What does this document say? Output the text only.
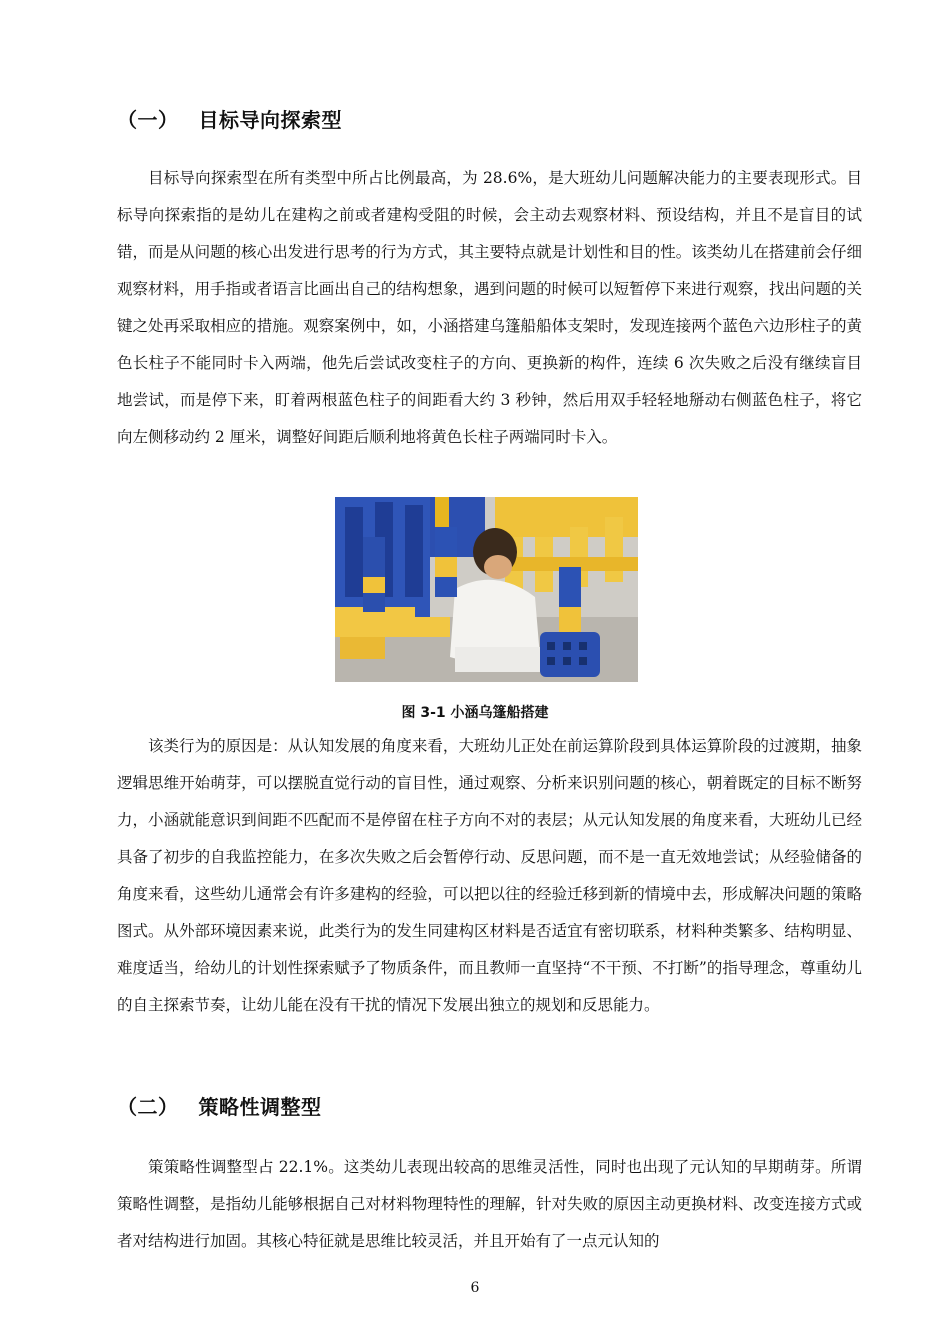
（一） 目标导向探索型

目标导向探索型在所有类型中所占比例最高，为 28.6%，是大班幼儿问题解决能力的主要表现形式。目标导向探索指的是幼儿在建构之前或者建构受阻的时候，会主动去观察材料、预设结构，并且不是盲目的试错，而是从问题的核心出发进行思考的行为方式，其主要特点就是计划性和目的性。该类幼儿在搭建前会仔细观察材料，用手指或者语言比画出自己的结构想象，遇到问题的时候可以短暂停下来进行观察，找出问题的关键之处再采取相应的措施。观察案例中，如，小涵搭建乌篷船船体支架时，发现连接两个蓝色六边形柱子的黄色长柱子不能同时卡入两端，他先后尝试改变柱子的方向、更换新的构件，连续 6 次失败之后没有继续盲目地尝试，而是停下来，盯着两根蓝色柱子的间距看大约 3 秒钟，然后用双手轻轻地掰动右侧蓝色柱子，将它向左侧移动约 2 厘米，调整好间距后顺利地将黄色长柱子两端同时卡入。

图 3-1 小涵乌篷船搭建

该类行为的原因是：从认知发展的角度来看，大班幼儿正处在前运算阶段到具体运算阶段的过渡期，抽象逻辑思维开始萌芽，可以摆脱直觉行动的盲目性，通过观察、分析来识别问题的核心，朝着既定的目标不断努力，小涵就能意识到间距不匹配而不是停留在柱子方向不对的表层；从元认知发展的角度来看，大班幼儿已经具备了初步的自我监控能力，在多次失败之后会暂停行动、反思问题，而不是一直无效地尝试；从经验储备的角度来看，这些幼儿通常会有许多建构的经验，可以把以往的经验迁移到新的情境中去，形成解决问题的策略图式。从外部环境因素来说，此类行为的发生同建构区材料是否适宜有密切联系，材料种类繁多、结构明显、难度适当，给幼儿的计划性探索赋予了物质条件，而且教师一直坚持“不干预、不打断”的指导理念，尊重幼儿的自主探索节奏，让幼儿能在没有干扰的情况下发展出独立的规划和反思能力。

（二） 策略性调整型

策策略性调整型占 22.1%。这类幼儿表现出较高的思维灵活性，同时也出现了元认知的早期萌芽。所谓策略性调整，是指幼儿能够根据自己对材料物理特性的理解，针对失败的原因主动更换材料、改变连接方式或者对结构进行加固。其核心特征就是思维比较灵活，并且开始有了一点元认知的

6
